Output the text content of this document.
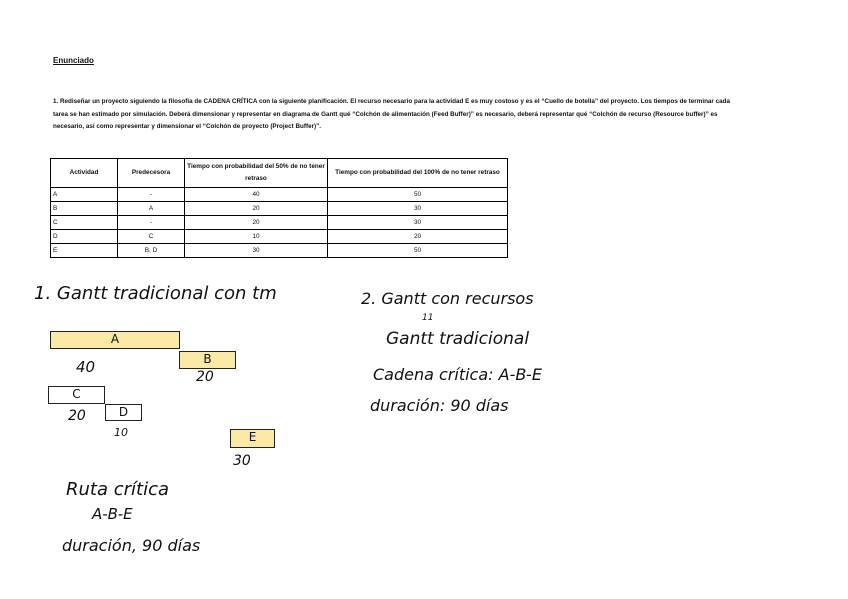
Enunciado
1. Rediseñar un proyecto siguiendo la filosofía de CADENA CRÍTICA con la siguiente planificación. El recurso necesario para la actividad E es muy costoso y es el “Cuello de botella” del proyecto. Los tiempos de terminar cada tarea se han estimado por simulación. Deberá dimensionar y representar en diagrama de Gantt qué “Colchón de alimentación (Feed Buffer)” es necesario, deberá representar qué “Colchón de recurso (Resource buffer)” es necesario, así como representar y dimensionar el “Colchón de proyecto (Project Buffer)”.
Actividad	Predecesora	Tiempo con probabilidad del 50% de no tener retraso	Tiempo con probabilidad del 100% de no tener retraso
A	-	40	50
B	A	20	30
C	-	20	30
D	C	10	20
E	B, D	30	50
1. Gantt tradicional con tm
A
40	B
20
C
20	D
10	E
30
Ruta crítica
A-B-E
duración, 90 días
2. Gantt con recursos
11
Gantt tradicional
Cadena crítica: A-B-E
duración: 90 días
